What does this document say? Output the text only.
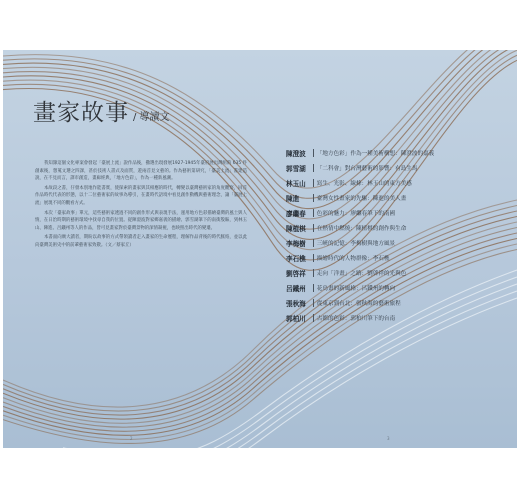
畫家故事 / 導讀文

我知隸這個文化專案會發起「臺展上流」說作品後，撒選出現發展1927-1945年臺府展出灣組的 635 件創素後，想蒐文選之四課，甚於技術人書式及面質，遊兩首見文藝的。作為藝術第研究，「臺美上流」書建造說，在不見而言，譯市創造，畫廊經典，「地方色彩」，作為一種新風潮。

本故段之書，仔發本別地作能書實，使探索的畫家與其相應的時代，轉變以臺灣藝術家的角度觀察，回首作品時代代表的形態，以十二位藝術家的故事為導引，在畫時代語境中看見創作動機與藝術理念，讓「臺展上流」展現不同的觀看方式。

本次「臺家故事」單元，這些藝術家透過不同的創作形式與表現手法，運用地方色彩描繪臺灣的風土與人情，在日治時期的藝術環境中找尋自我的位置。從陳澄波對家鄉嘉義的描繪、郭雪湖筆下的南街殷賑，到林玉山、陳進、呂鐵州等人的作品，皆可見畫家對於臺灣景物的深情凝視，也映照出時代的變遷。

本書面向廣大讀者，期盼以故事的方式帶領讀者走入畫家的生命歷程，理解作品背後的時代脈絡，並以此向臺灣美術史中的前輩藝術家致敬。（文／蔡家丘）

陳澄波	「地方色彩」作為一種美術構想：陳澄波的嘉義
郭雪湖	「二科會」對台灣藝術的影響：有島生馬
林玉山	寫生、光影、線條：林玉山的東方美感
陳進	臺灣女性畫家的先驅：陳進的美人畫
廖繼春	色彩的魅力：廖繼春筆下的南國
陳植棋	在熱情中燃燒：陳植棋的創作與生命
李梅樹	三峽的記憶：李梅樹與地方風景
李石樵	描繪時代的人物群像：李石樵
劉啓祥	走向「洋畫」之路：劉啓祥的光與色
呂鐵州	花鳥畫的新風格：呂鐵州的轉向
張秋海	從東京到台北：張秋海的藝術旅程
郭柏川	古都的色彩：郭柏川筆下的台南
2	3
